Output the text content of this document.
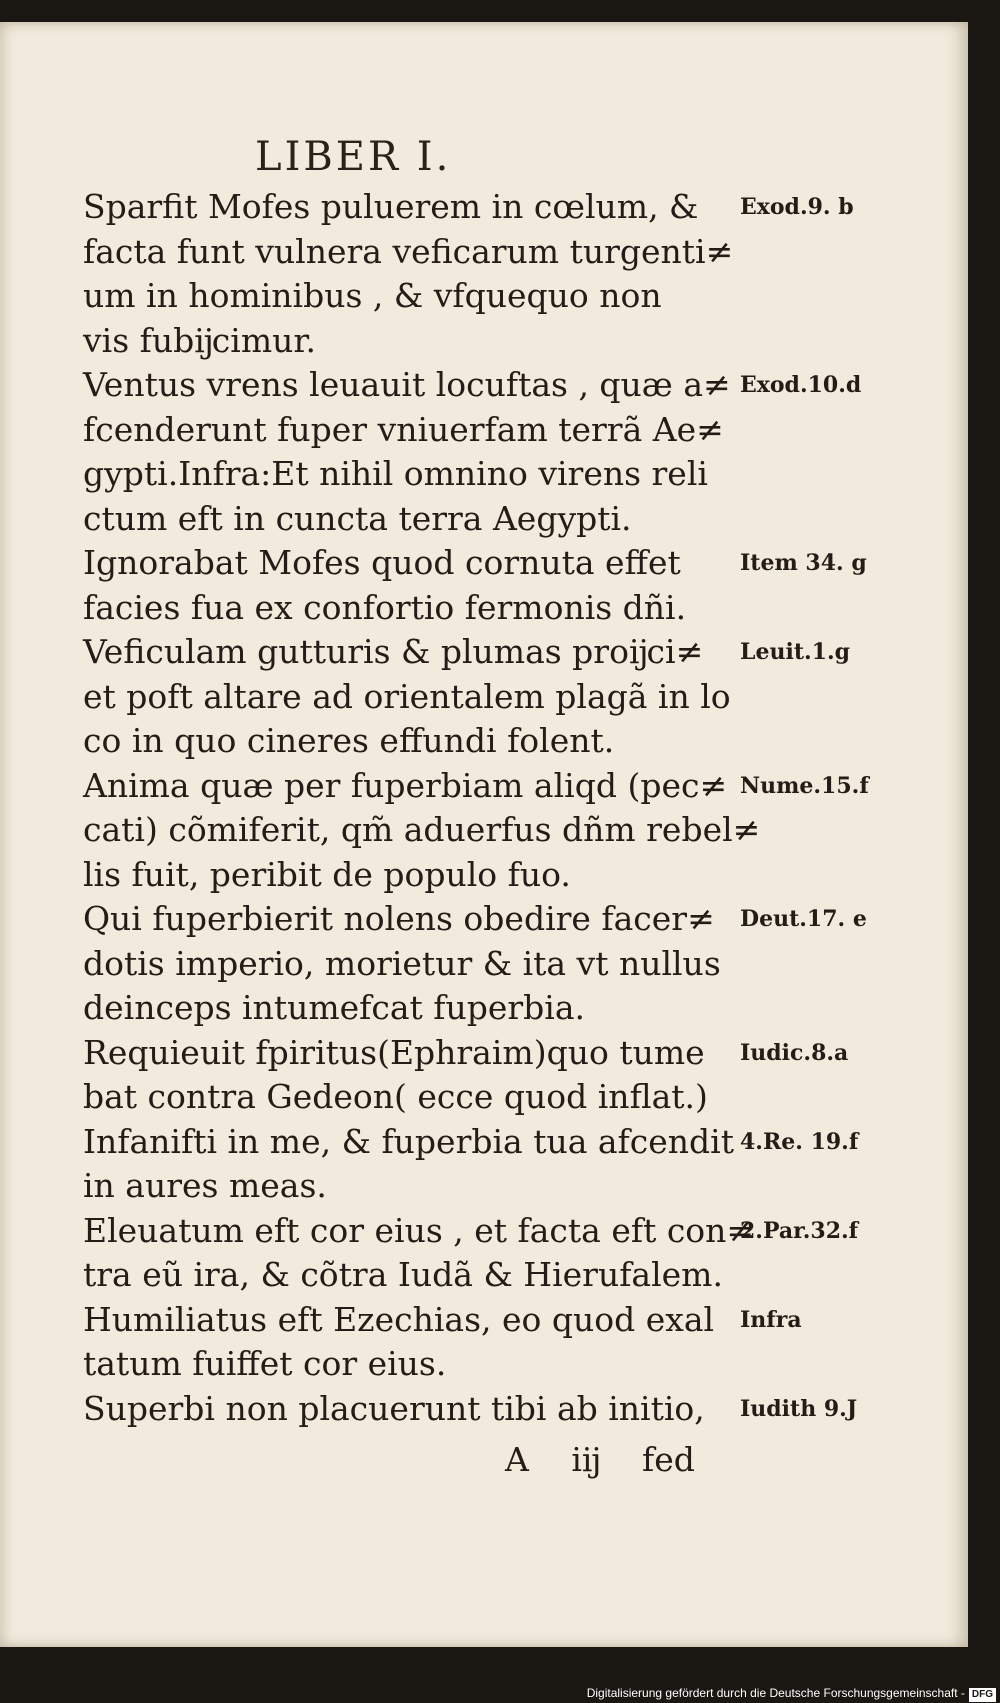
LIBER I.
Sparfit Mofes puluerem in cœlum, &
facta funt vulnera veficarum turgenti≠
um in hominibus , & vfquequo non
vis fubĳcimur.
Ventus vrens leuauit locuftas , quæ a≠
fcenderunt fuper vniuerfam terrã Ae≠
gypti.Infra:Et nihil omnino virens reli
ctum eft in cuncta terra Aegypti.
Ignorabat Mofes quod cornuta effet
facies fua ex confortio fermonis dñi.
Veficulam gutturis & plumas proĳci≠
et poft altare ad orientalem plagã in lo
co in quo cineres effundi folent.
Anima quæ per fuperbiam aliqd (pec≠
cati) cõmiferit, qm̃ aduerfus dñm rebel≠
lis fuit, peribit de populo fuo.
Qui fuperbierit nolens obedire facer≠
dotis imperio, morietur & ita vt nullus
deinceps intumefcat fuperbia.
Requieuit fpiritus(Ephraim)quo tume
bat contra Gedeon( ecce quod inflat.)
Infanifti in me, & fuperbia tua afcendit
in aures meas.
Eleuatum eft cor eius , et facta eft con≠
tra eũ ira, & cõtra Iudã & Hierufalem.
Humiliatus eft Ezechias, eo quod exal
tatum fuiffet cor eius.
Superbi non placuerunt tibi ab initio,
Exod.9. b
Exod.10.d
Item 34. g
Leuit.1.g
Nume.15.f
Deut.17. e
Iudic.8.a
4.Re. 19.f
2.Par.32.f
Infra
Iudith 9.J
A iĳ fed
Digitalisierung gefördert durch die Deutsche Forschungsgemeinschaft - DFG
